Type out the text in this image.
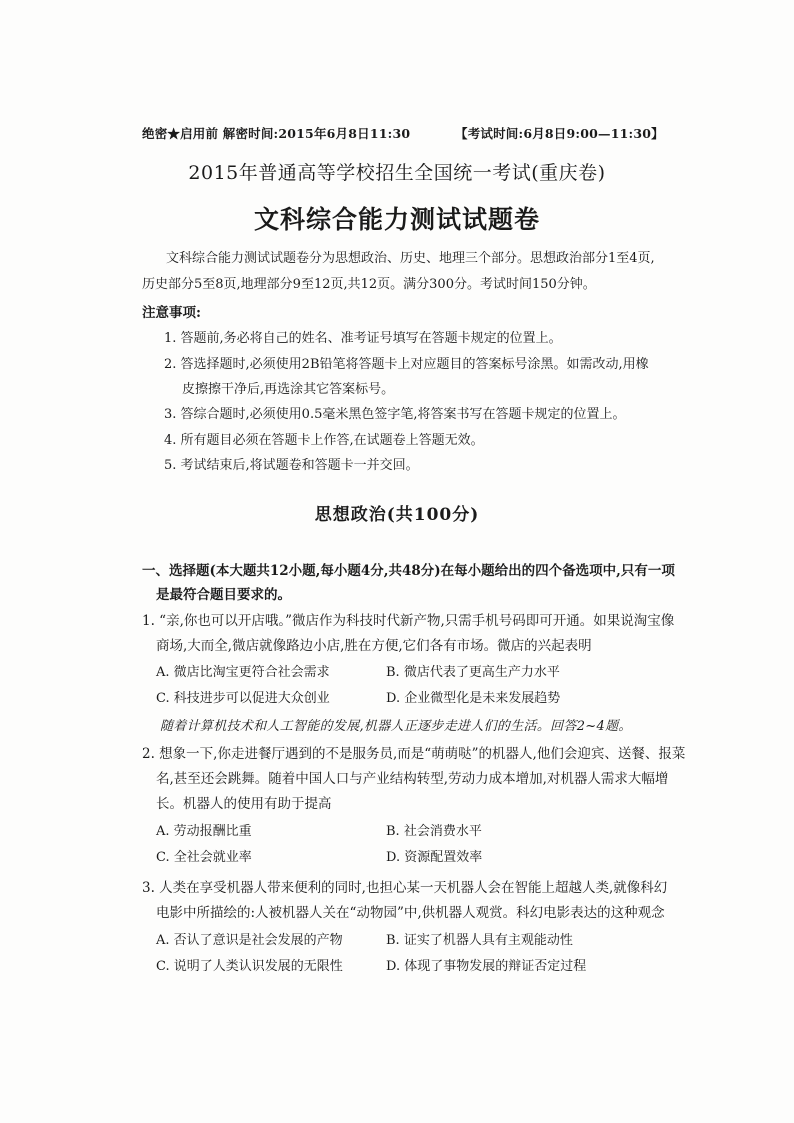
绝密★启用前 解密时间:2015年6月8日11:30	【考试时间:6月8日9:00—11:30】
2015年普通高等学校招生全国统一考试(重庆卷)
文科综合能力测试试题卷
文科综合能力测试试题卷分为思想政治、历史、地理三个部分。思想政治部分1至4页,
历史部分5至8页,地理部分9至12页,共12页。满分300分。考试时间150分钟。
注意事项:
1. 答题前,务必将自己的姓名、准考证号填写在答题卡规定的位置上。
2. 答选择题时,必须使用2B铅笔将答题卡上对应题目的答案标号涂黑。如需改动,用橡
皮擦擦干净后,再选涂其它答案标号。
3. 答综合题时,必须使用0.5毫米黑色签字笔,将答案书写在答题卡规定的位置上。
4. 所有题目必须在答题卡上作答,在试题卷上答题无效。
5. 考试结束后,将试题卷和答题卡一并交回。
思想政治(共100分)
一、选择题(本大题共12小题,每小题4分,共48分)在每小题给出的四个备选项中,只有一项
是最符合题目要求的。
1. “亲,你也可以开店哦。”微店作为科技时代新产物,只需手机号码即可开通。如果说淘宝像
商场,大而全,微店就像路边小店,胜在方便,它们各有市场。微店的兴起表明
A. 微店比淘宝更符合社会需求	B. 微店代表了更高生产力水平
C. 科技进步可以促进大众创业	D. 企业微型化是未来发展趋势
随着计算机技术和人工智能的发展,机器人正逐步走进人们的生活。回答2~4题。
2. 想象一下,你走进餐厅遇到的不是服务员,而是“萌萌哒”的机器人,他们会迎宾、送餐、报菜
名,甚至还会跳舞。随着中国人口与产业结构转型,劳动力成本增加,对机器人需求大幅增
长。机器人的使用有助于提高
A. 劳动报酬比重	B. 社会消费水平
C. 全社会就业率	D. 资源配置效率
3. 人类在享受机器人带来便利的同时,也担心某一天机器人会在智能上超越人类,就像科幻
电影中所描绘的:人被机器人关在“动物园”中,供机器人观赏。科幻电影表达的这种观念
A. 否认了意识是社会发展的产物	B. 证实了机器人具有主观能动性
C. 说明了人类认识发展的无限性	D. 体现了事物发展的辩证否定过程
